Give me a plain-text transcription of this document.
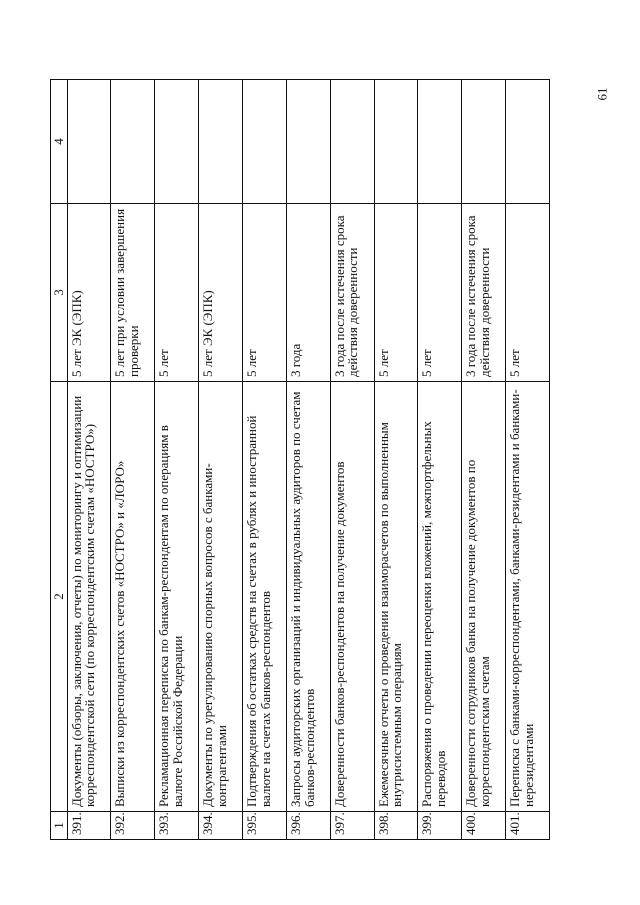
61
1	2	3	4
391.	Документы (обзоры, заключения, отчеты) по мониторингу и оптимизации корреспондентской сети (по корреспондентским счетам «НОСТРО»)	5 лет ЭК (ЭПК)	
392.	Выписки из корреспондентских счетов «НОСТРО» и «ЛОРО»	5 лет при условии завершения проверки	
393.	Рекламационная переписка по банкам-респондентам по операциям в валюте Российской Федерации	5 лет	
394.	Документы по урегулированию спорных вопросов с банками-контрагентами	5 лет ЭК (ЭПК)	
395.	Подтверждения об остатках средств на счетах в рублях и иностранной валюте на счетах банков-респондентов	5 лет	
396.	Запросы аудиторских организаций и индивидуальных аудиторов по счетам банков-респондентов	3 года	
397.	Доверенности банков-респондентов на получение документов	3 года после истечения срока действия доверенности	
398.	Ежемесячные отчеты о проведении взаиморасчетов по выполненным внутрисистемным операциям	5 лет	
399.	Распоряжения о проведении переоценки вложений, межпортфельных переводов	5 лет	
400.	Доверенности сотрудников банка на получение документов по корреспондентским счетам	3 года после истечения срока действия доверенности	
401.	Переписка с банками-корреспондентами, банками-резидентами и банками-нерезидентами	5 лет	
